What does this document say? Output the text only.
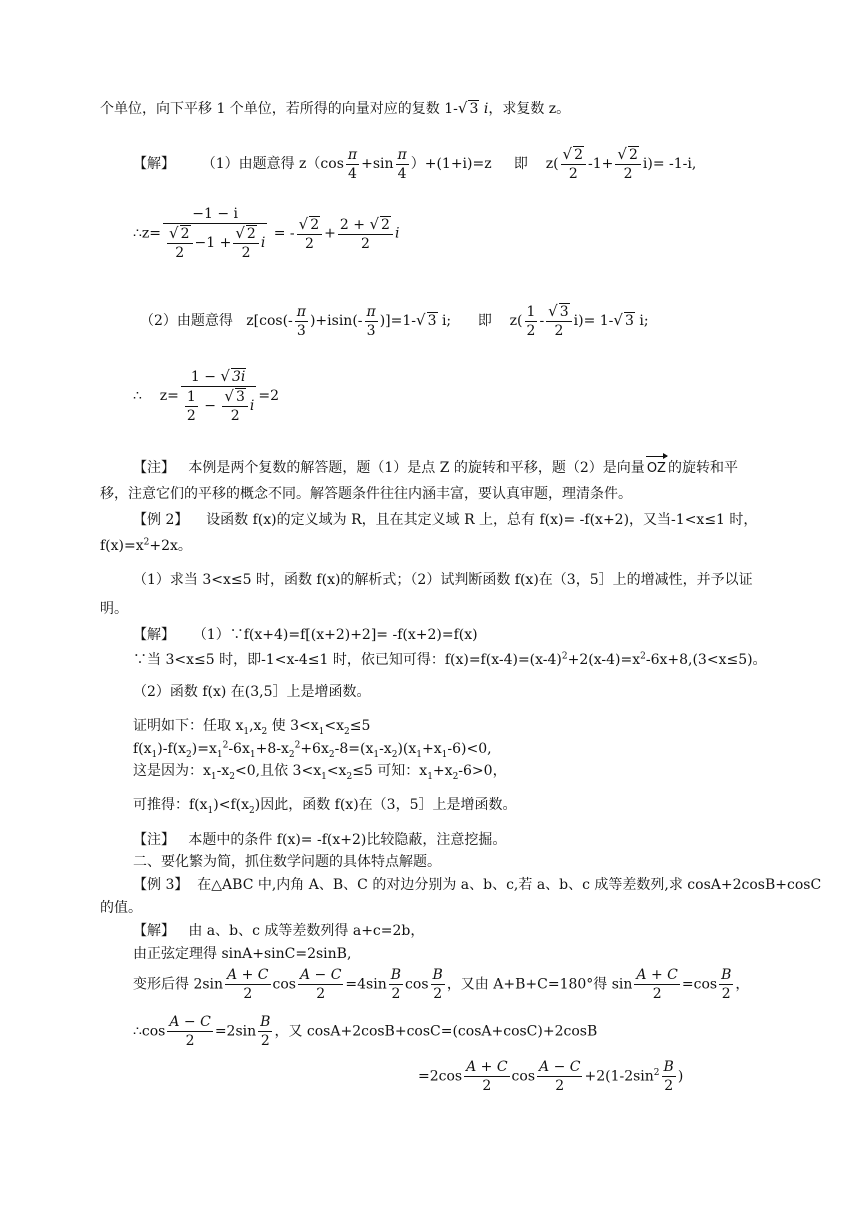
个单位，向下平移 1 个单位，若所得的向量对应的复数 1-√ 3 i，求复数 z。
【解】 （1）由题意得 $z(\cos \frac{\pi}{4} +\sin \frac{\pi}{4} )+(1+i)=z$ 即 $z( \frac{√ 2}{2} -1+ \frac{√ 2}{2} i)= -1-i$,
∴z= $\frac{-1 - i}{\frac{√ 2}{2} -1 + \frac{√ 2}{2} i}$ = - $\frac{√ 2}{2} + \frac{2 + √ 2}{2}$ i
（2）由题意得 $z[\cos(- \frac{\pi}{3} )+isin(- \frac{\pi}{3} )]=1-√$ 3 i; 即 $z( \frac{1}{2} - \frac{√ 3}{2} i)= 1-√$ 3 i;
∴ $z= \frac{1 - √ 3i}{\frac{1}{2} - \frac{√ 3}{2} i} =2$
【注】 本例是两个复数的解答题，题（1）是点 Z 的旋转和平移，题（2）是向量 OZ 的旋转和平
移，注意它们的平移的概念不同。解答题条件往往内涵丰富，要认真审题，理清条件。
【例 2】 设函数 f(x)的定义域为 R，且在其定义域 R 上，总有 f(x)= -f(x+2)，又当-1<x≤1 时，
$f(x)=x^2+2x$。
（1）求当 3<x≤5 时，函数 f(x)的解析式；（2）试判断函数 f(x)在（3，5］上的增减性，并予以证
明。
【解】 （1）∵f(x+4)=f[(x+2)+2]= -f(x+2)=f(x)
∵当 3<x≤5 时，即-1<x-4≤1 时，依已知可得：$f(x)=f(x-4)=(x-4)^2+2(x-4)=x^2-6x+8,(3<x\le 5)$。
（2）函数 f(x) 在(3,5］上是增函数。
证明如下：任取 $x_1,x_2$ 使 $3<x_1<x_2\le 5$
$f(x_1)-f(x_2)=x_1^2-6x_1+8-x_2^2+6x_2-8=(x_1-x_2)(x_1+x_1-6)<0$,
这是因为：$x_1-x_2<0$,且依 $3<x_1<x_2\le 5$ 可知：$x_1+x_2-6>0$，
可推得：$f(x_1)<f(x_2)$因此，函数 f(x)在（3，5］上是增函数。
【注】 本题中的条件 f(x)= -f(x+2)比较隐蔽，注意挖掘。
二、要化繁为简，抓住数学问题的具体特点解题。
【例 3】 在△ABC 中,内角 A、B、C 的对边分别为 a、b、c,若 a、b、c 成等差数列,求 cosA+2cosB+cosC
的值。
【解】 由 a、b、c 成等差数列得 a+c=2b，
由正弦定理得 sinA+sinC=2sinB,
变形后得 $2\sin \frac{A + C}{2}$ $\cos \frac{A - C}{2} =4\sin \frac{B}{2}$ $\cos \frac{B}{2}$ ，又由 A+B+C=180°得 $\sin \frac{A + C}{2} =\cos \frac{B}{2}$ ，
∴cos $\frac{A - C}{2} =2\sin \frac{B}{2}$ ，又 cosA+2cosB+cosC=(cosA+cosC)+2cosB
$=2\cos \frac{A + C}{2}$ $\cos \frac{A - C}{2} +2(1-2\sin^2 \frac{B}{2}$ )
